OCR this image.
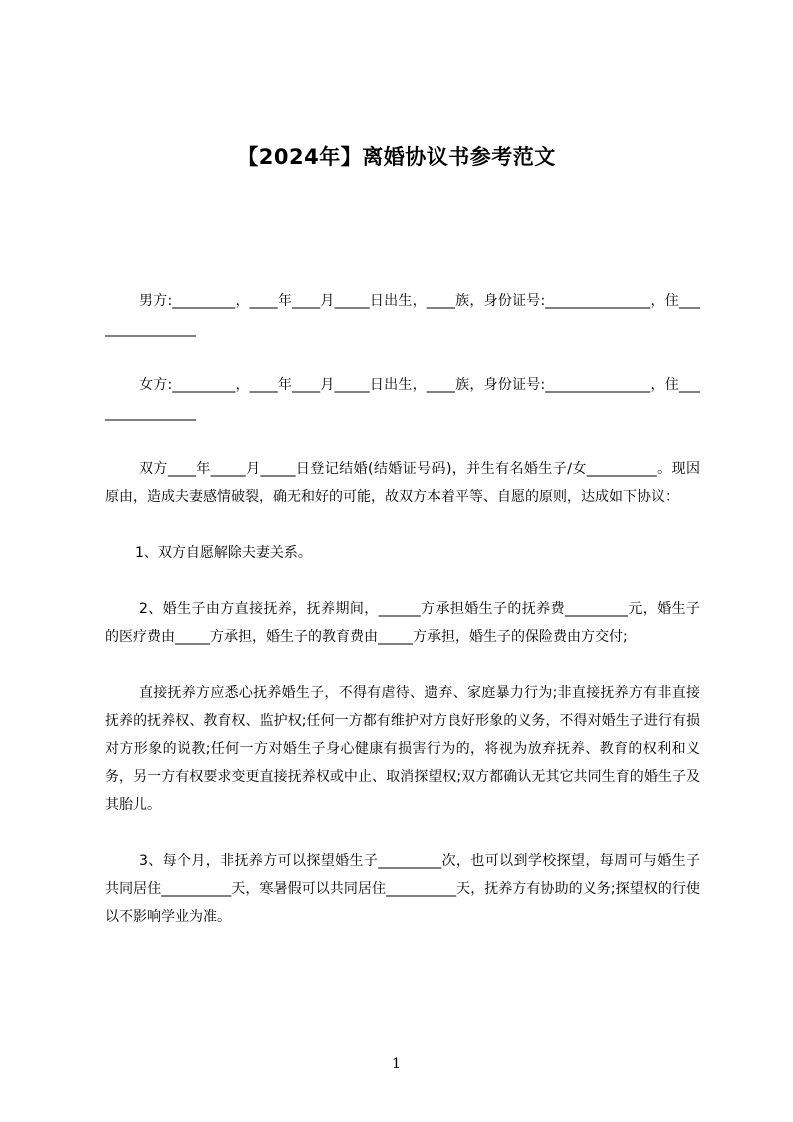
【2024年】离婚协议书参考范文

男方:_________，____年____月_____日出生，____族，身份证号:_______________，住________________

女方:_________，____年____月_____日出生，____族，身份证号:_______________，住________________

双方____年_____月_____日登记结婚(结婚证号码)，并生有名婚生子/女__________。现因原由，造成夫妻感情破裂，确无和好的可能，故双方本着平等、自愿的原则，达成如下协议：

1、双方自愿解除夫妻关系。

2、婚生子由方直接抚养，抚养期间，______方承担婚生子的抚养费_________元，婚生子的医疗费由_____方承担，婚生子的教育费由_____方承担，婚生子的保险费由方交付;

直接抚养方应悉心抚养婚生子，不得有虐待、遗弃、家庭暴力行为;非直接抚养方有非直接抚养的抚养权、教育权、监护权;任何一方都有维护对方良好形象的义务，不得对婚生子进行有损对方形象的说教;任何一方对婚生子身心健康有损害行为的，将视为放弃抚养、教育的权利和义务，另一方有权要求变更直接抚养权或中止、取消探望权;双方都确认无其它共同生育的婚生子及其胎儿。

3、每个月，非抚养方可以探望婚生子_________次，也可以到学校探望，每周可与婚生子共同居住__________天，寒暑假可以共同居住__________天，抚养方有协助的义务;探望权的行使以不影响学业为准。

1
